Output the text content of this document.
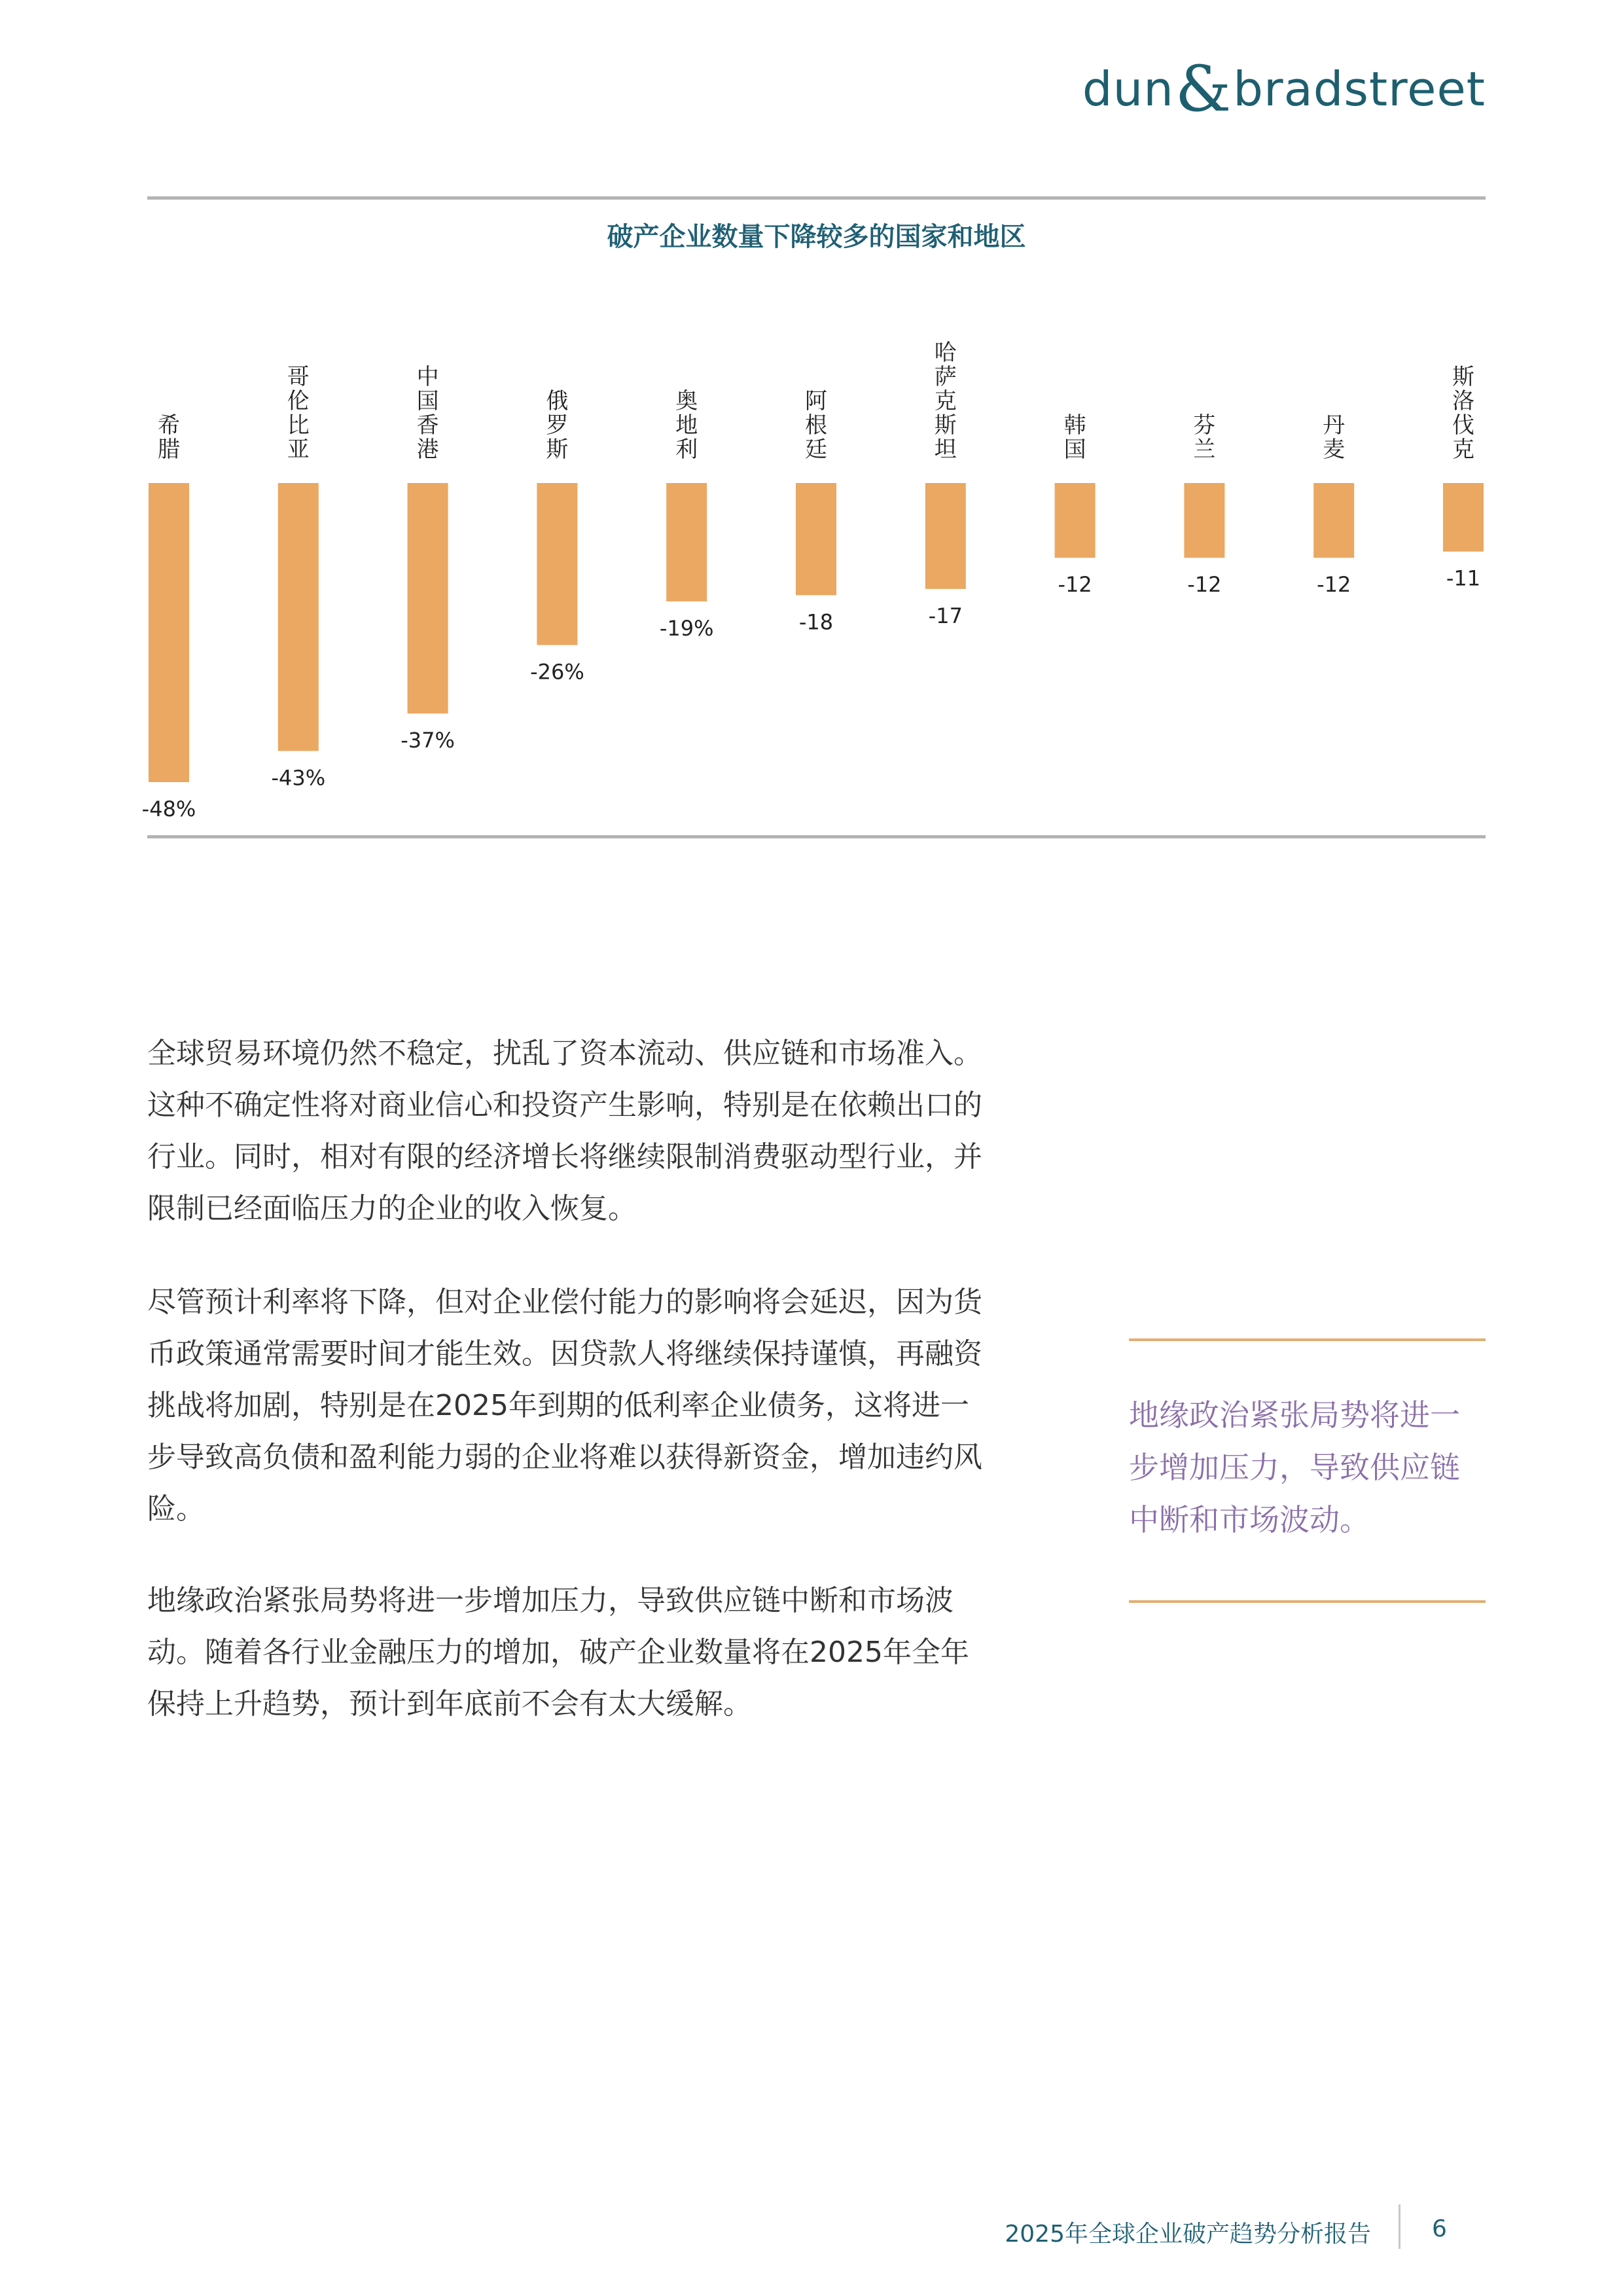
dun & bradstreet
破产企业数量下降较多的国家和地区
希腊
-48%
哥伦比亚
-43%
中国香港
-37%
俄罗斯
-26%
奥地利
-19%
阿根廷
-18
哈萨克斯坦
-17
韩国
-12
芬兰
-12
丹麦
-12
斯洛伐克
-11

全球贸易环境仍然不稳定，扰乱了资本流动、供应链和市场准入。这种不确定性将对商业信心和投资产生影响，特别是在依赖出口的行业。同时，相对有限的经济增长将继续限制消费驱动型行业，并限制已经面临压力的企业的收入恢复。

尽管预计利率将下降，但对企业偿付能力的影响将会延迟，因为货币政策通常需要时间才能生效。因贷款人将继续保持谨慎，再融资挑战将加剧，特别是在2025年到期的低利率企业债务，这将进一步导致高负债和盈利能力弱的企业将难以获得新资金，增加违约风险。

地缘政治紧张局势将进一步增加压力，导致供应链中断和市场波动。随着各行业金融压力的增加，破产企业数量将在2025年全年保持上升趋势，预计到年底前不会有太大缓解。

地缘政治紧张局势将进一步增加压力，导致供应链中断和市场波动。

2025年全球企业破产趋势分析报告	6
